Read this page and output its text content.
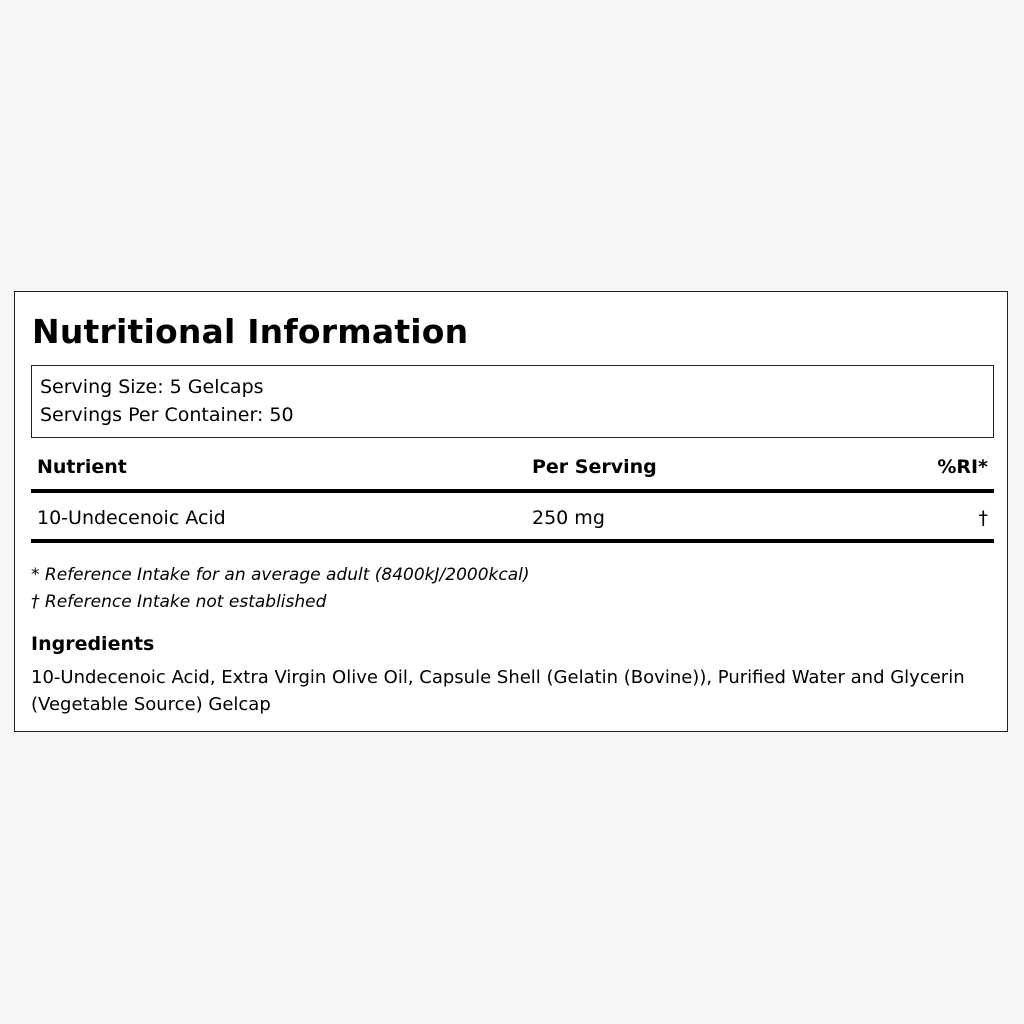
Nutritional Information
Serving Size: 5 Gelcaps
Servings Per Container: 50
Nutrient	Per Serving	%RI*
10-Undecenoic Acid	250 mg	†
* Reference Intake for an average adult (8400kJ/2000kcal)
† Reference Intake not established
Ingredients
10-Undecenoic Acid, Extra Virgin Olive Oil, Capsule Shell (Gelatin (Bovine)), Purified Water and Glycerin (Vegetable Source) Gelcap
